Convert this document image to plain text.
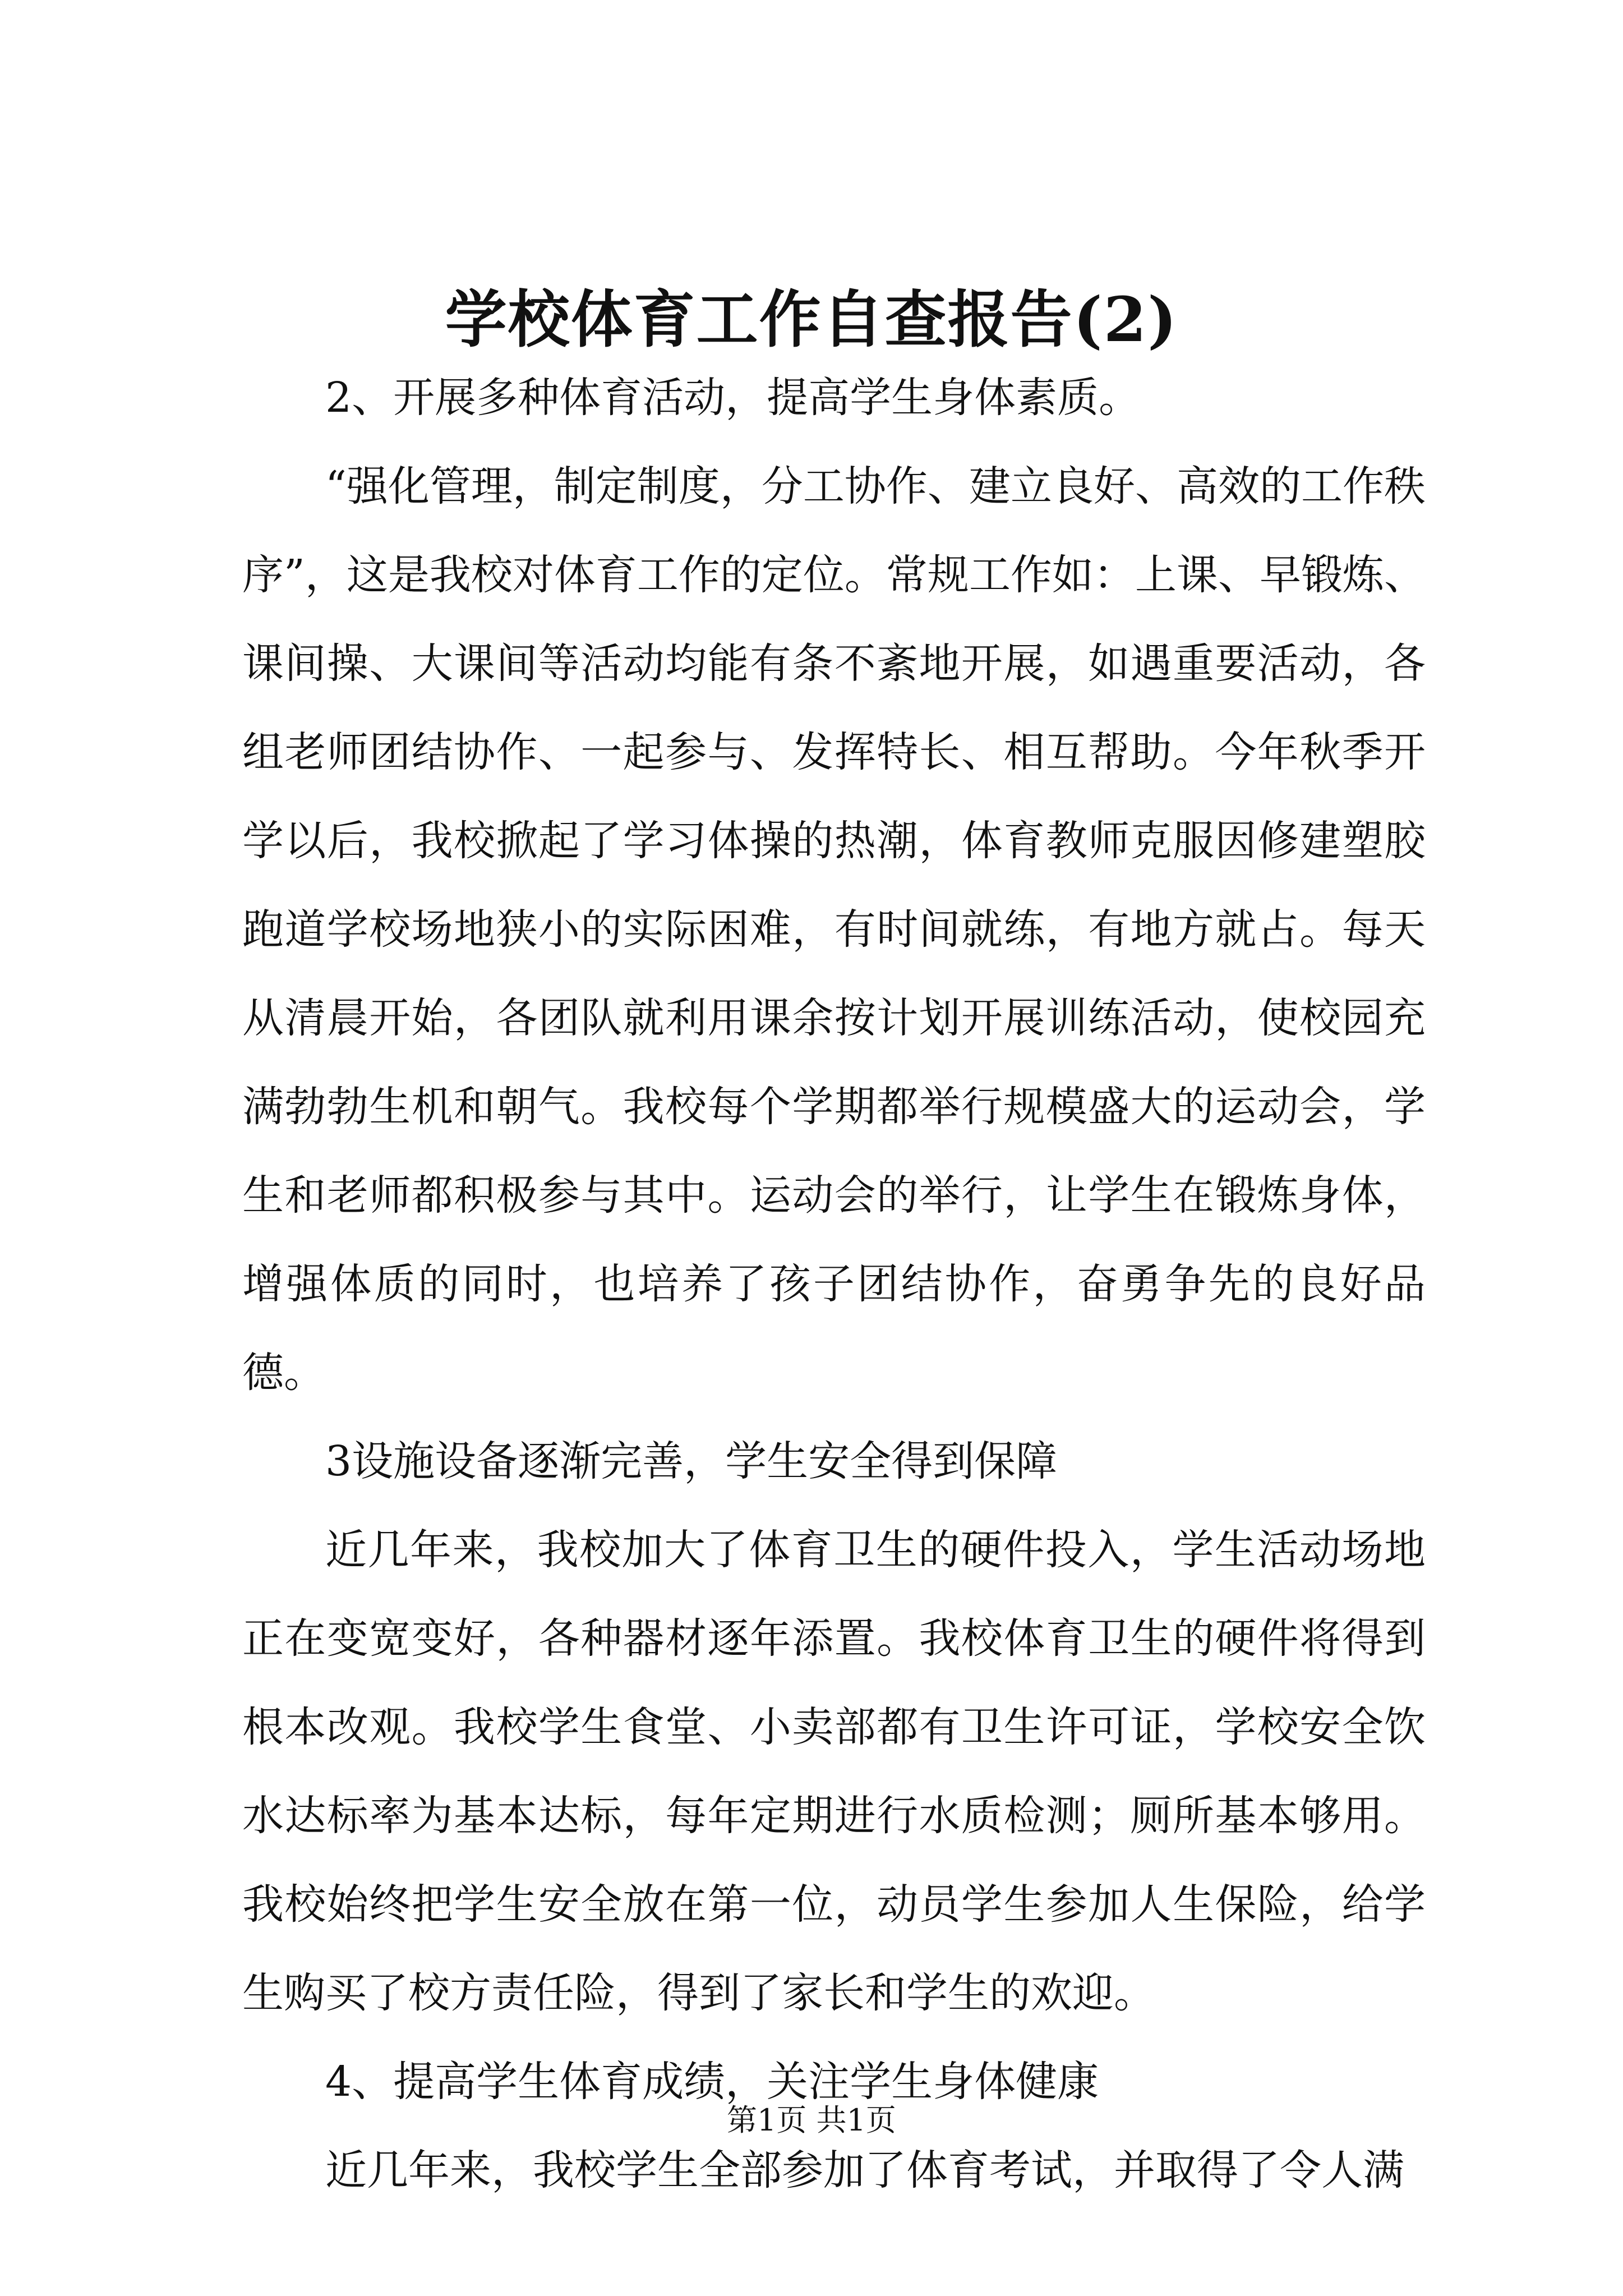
学校体育工作自查报告(2)

2、开展多种体育活动，提高学生身体素质。

“强化管理，制定制度，分工协作、建立良好、高效的工作秩序”，这是我校对体育工作的定位。常规工作如：上课、早锻炼、课间操、大课间等活动均能有条不紊地开展，如遇重要活动，各组老师团结协作、一起参与、发挥特长、相互帮助。今年秋季开学以后，我校掀起了学习体操的热潮，体育教师克服因修建塑胶跑道学校场地狭小的实际困难，有时间就练，有地方就占。每天从清晨开始，各团队就利用课余按计划开展训练活动，使校园充满勃勃生机和朝气。我校每个学期都举行规模盛大的运动会，学生和老师都积极参与其中。运动会的举行，让学生在锻炼身体，增强体质的同时，也培养了孩子团结协作，奋勇争先的良好品德。

3设施设备逐渐完善，学生安全得到保障

近几年来，我校加大了体育卫生的硬件投入，学生活动场地正在变宽变好，各种器材逐年添置。我校体育卫生的硬件将得到根本改观。我校学生食堂、小卖部都有卫生许可证，学校安全饮水达标率为基本达标，每年定期进行水质检测；厕所基本够用。我校始终把学生安全放在第一位，动员学生参加人生保险，给学生购买了校方责任险，得到了家长和学生的欢迎。

4、提高学生体育成绩，关注学生身体健康

近几年来，我校学生全部参加了体育考试，并取得了令人满

第1页 共1页
